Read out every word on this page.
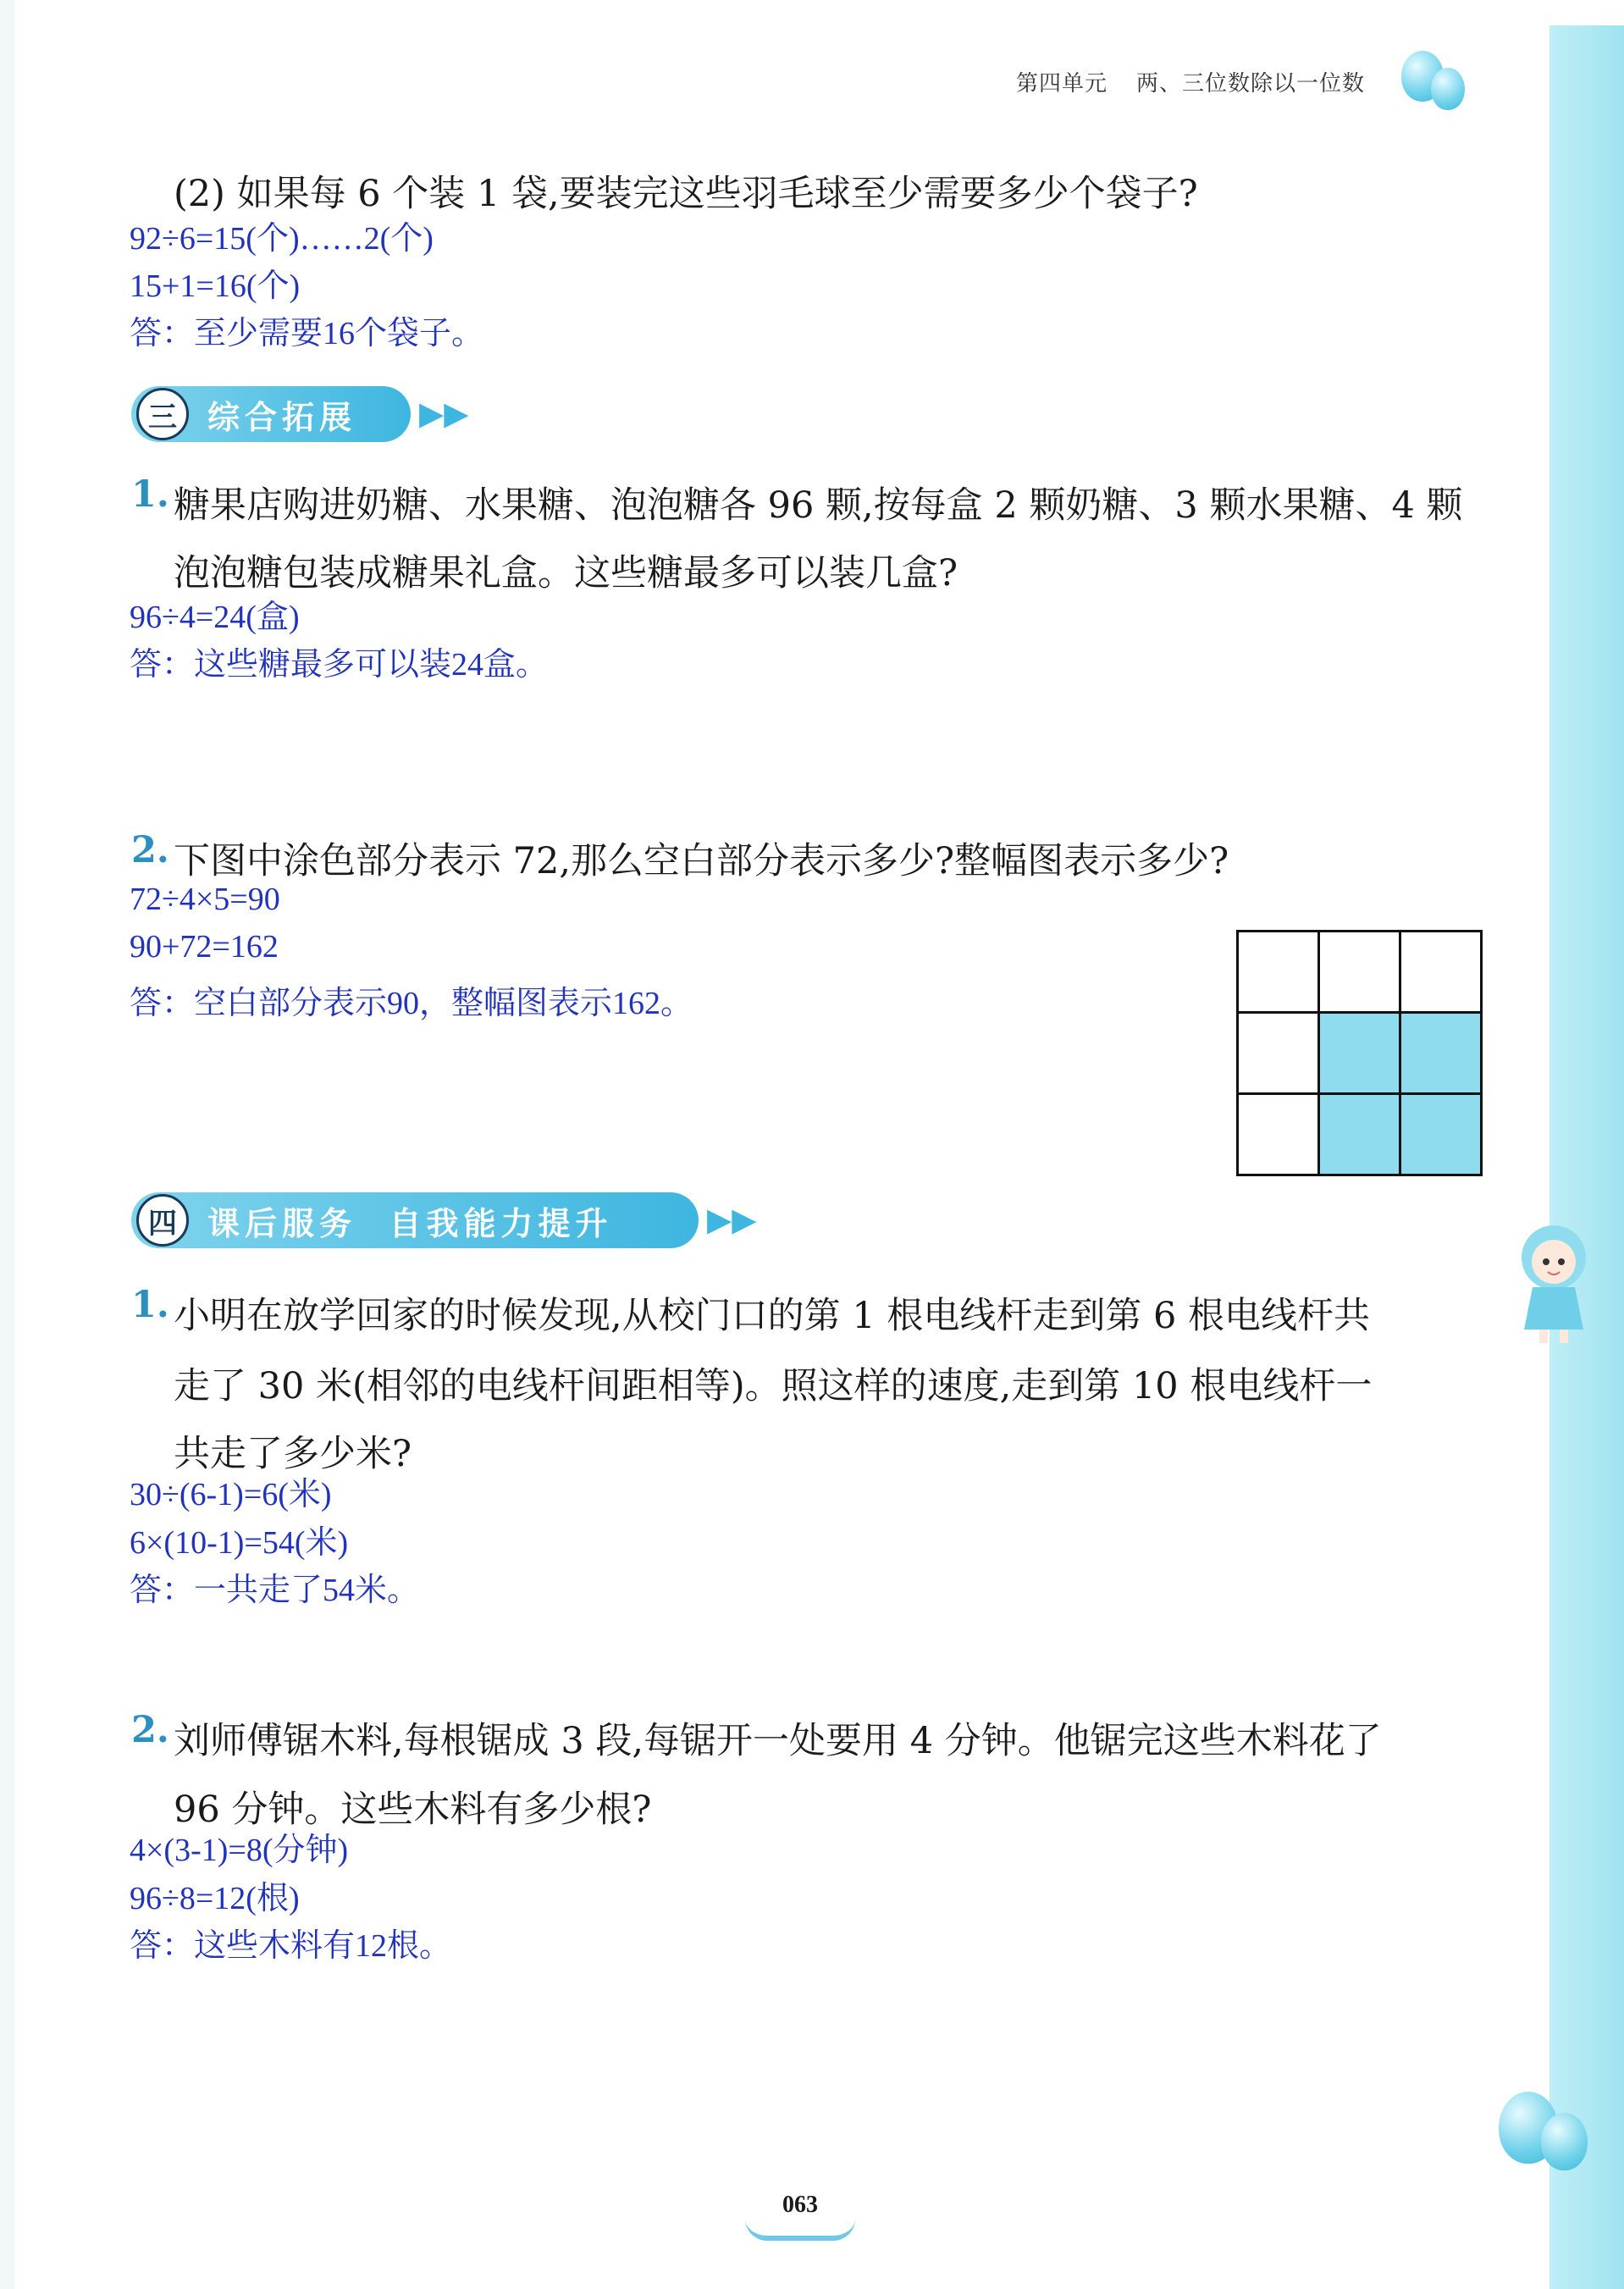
第四单元 两、三位数除以一位数
(2) 如果每 6 个装 1 袋,要装完这些羽毛球至少需要多少个袋子?
92÷6=15(个)……2(个)
15+1=16(个)
答：至少需要16个袋子。
三 综合拓展 ▶▶
1. 糖果店购进奶糖、水果糖、泡泡糖各 96 颗,按每盒 2 颗奶糖、3 颗水果糖、4 颗
泡泡糖包装成糖果礼盒。这些糖最多可以装几盒?
96÷4=24(盒)
答：这些糖最多可以装24盒。
2. 下图中涂色部分表示 72,那么空白部分表示多少?整幅图表示多少?
72÷4×5=90
90+72=162
答：空白部分表示90，整幅图表示162。

四 课后服务  自我能力提升	▶▶
1. 小明在放学回家的时候发现,从校门口的第 1 根电线杆走到第 6 根电线杆共
走了 30 米(相邻的电线杆间距相等)。照这样的速度,走到第 10 根电线杆一
共走了多少米?
30÷(6-1)=6(米)
6×(10-1)=54(米)
答：一共走了54米。
2. 刘师傅锯木料,每根锯成 3 段,每锯开一处要用 4 分钟。他锯完这些木料花了
96 分钟。这些木料有多少根?
4×(3-1)=8(分钟)
96÷8=12(根)
答：这些木料有12根。
063
